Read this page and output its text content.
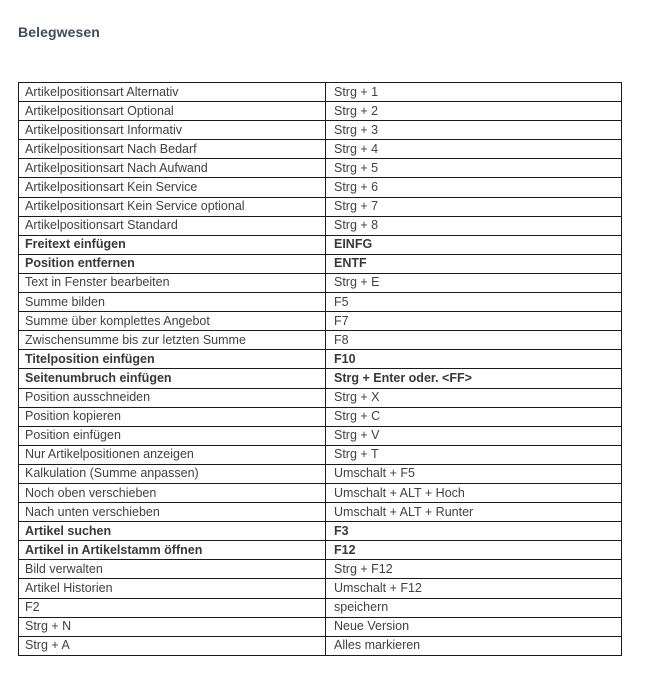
Belegwesen
Artikelpositionsart Alternativ	Strg + 1
Artikelpositionsart Optional	Strg + 2
Artikelpositionsart Informativ	Strg + 3
Artikelpositionsart Nach Bedarf	Strg + 4
Artikelpositionsart Nach Aufwand	Strg + 5
Artikelpositionsart Kein Service	Strg + 6
Artikelpositionsart Kein Service optional	Strg + 7
Artikelpositionsart Standard	Strg + 8
Freitext einfügen	EINFG
Position entfernen	ENTF
Text in Fenster bearbeiten	Strg + E
Summe bilden	F5
Summe über komplettes Angebot	F7
Zwischensumme bis zur letzten Summe	F8
Titelposition einfügen	F10
Seitenumbruch einfügen	Strg + Enter oder. <FF>
Position ausschneiden	Strg + X
Position kopieren	Strg + C
Position einfügen	Strg + V
Nur Artikelpositionen anzeigen	Strg + T
Kalkulation (Summe anpassen)	Umschalt + F5
Noch oben verschieben	Umschalt + ALT + Hoch
Nach unten verschieben	Umschalt + ALT + Runter
Artikel suchen	F3
Artikel in Artikelstamm öffnen	F12
Bild verwalten	Strg + F12
Artikel Historien	Umschalt + F12
F2	speichern
Strg + N	Neue Version
Strg + A	Alles markieren
